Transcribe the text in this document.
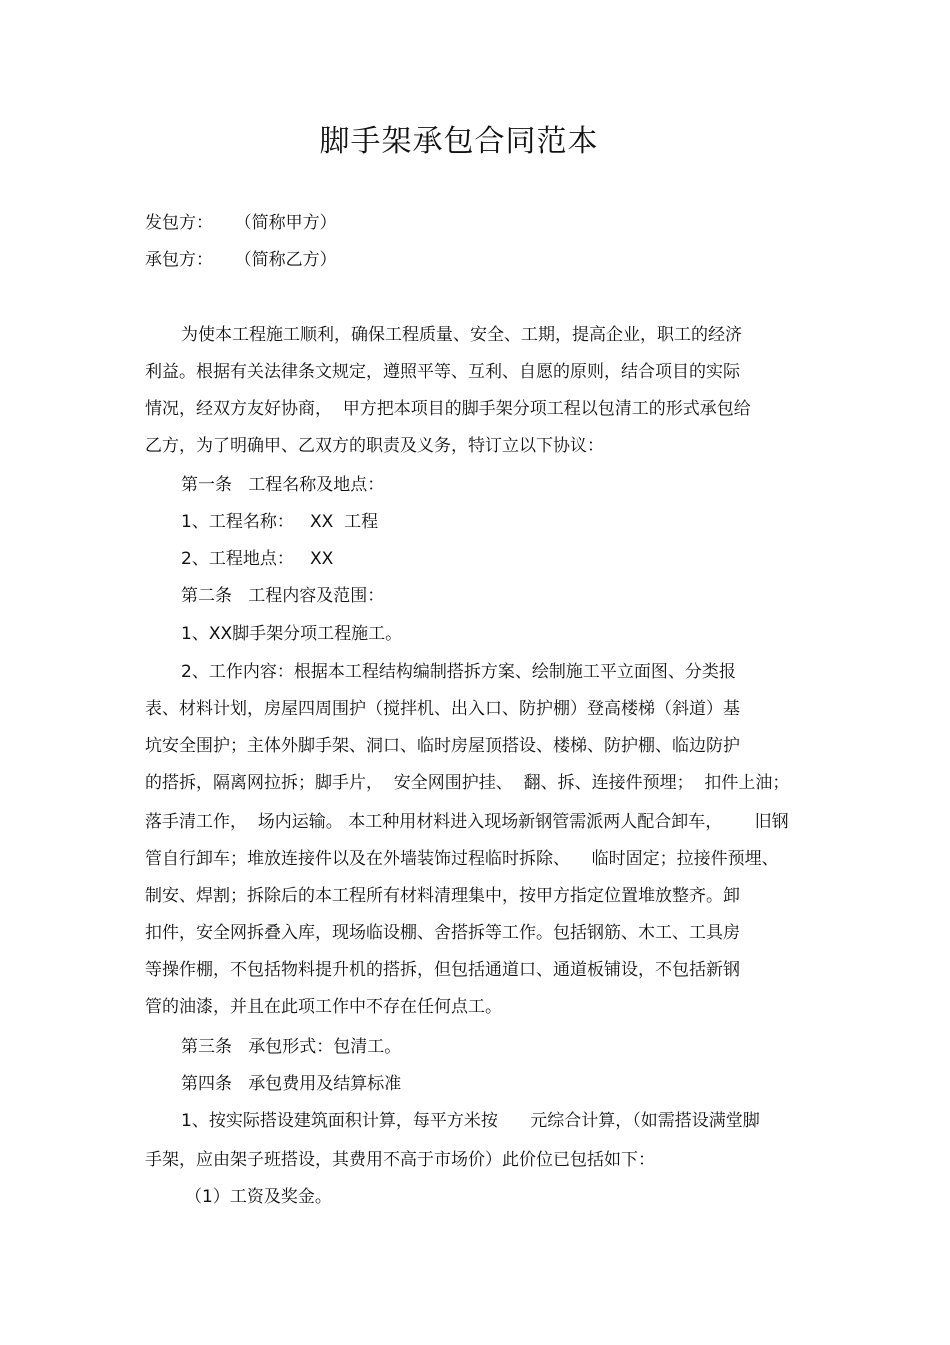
脚手架承包合同范本
发包方：    （简称甲方）
承包方：    （简称乙方）
为使本工程施工顺利，确保工程质量、安全、工期，提高企业，职工的经济
利益。根据有关法律条文规定，遵照平等、互利、自愿的原则，结合项目的实际
情况，经双方友好协商，  甲方把本项目的脚手架分项工程以包清工的形式承包给
乙方，为了明确甲、乙双方的职责及义务，特订立以下协议：
第一条   工程名称及地点：
1、工程名称：   XX  工程
2、工程地点：   XX
第二条   工程内容及范围：
1、XX脚手架分项工程施工。
2、工作内容：根据本工程结构编制搭拆方案、绘制施工平立面图、分类报
表、材料计划，房屋四周围护（搅拌机、出入口、防护棚）登高楼梯（斜道）基
坑安全围护；主体外脚手架、洞口、临时房屋顶搭设、楼梯、防护棚、临边防护
的搭拆，隔离网拉拆；脚手片，  安全网围护挂、  翻、拆、连接件预埋；  扣件上油；
落手清工作，  场内运输。 本工种用材料进入现场新钢管需派两人配合卸车，      旧钢
管自行卸车；堆放连接件以及在外墙装饰过程临时拆除、    临时固定；拉接件预埋、
制安、焊割；拆除后的本工程所有材料清理集中，按甲方指定位置堆放整齐。卸
扣件，安全网拆叠入库，现场临设棚、舍搭拆等工作。包括钢筋、木工、工具房
等操作棚，不包括物料提升机的搭拆，但包括通道口、通道板铺设，不包括新钢
管的油漆，并且在此项工作中不存在任何点工。
第三条   承包形式：包清工。
第四条   承包费用及结算标准
1、按实际搭设建筑面积计算，每平方米按      元综合计算，（如需搭设满堂脚
手架，应由架子班搭设，其费用不高于市场价）此价位已包括如下：
（1）工资及奖金。
